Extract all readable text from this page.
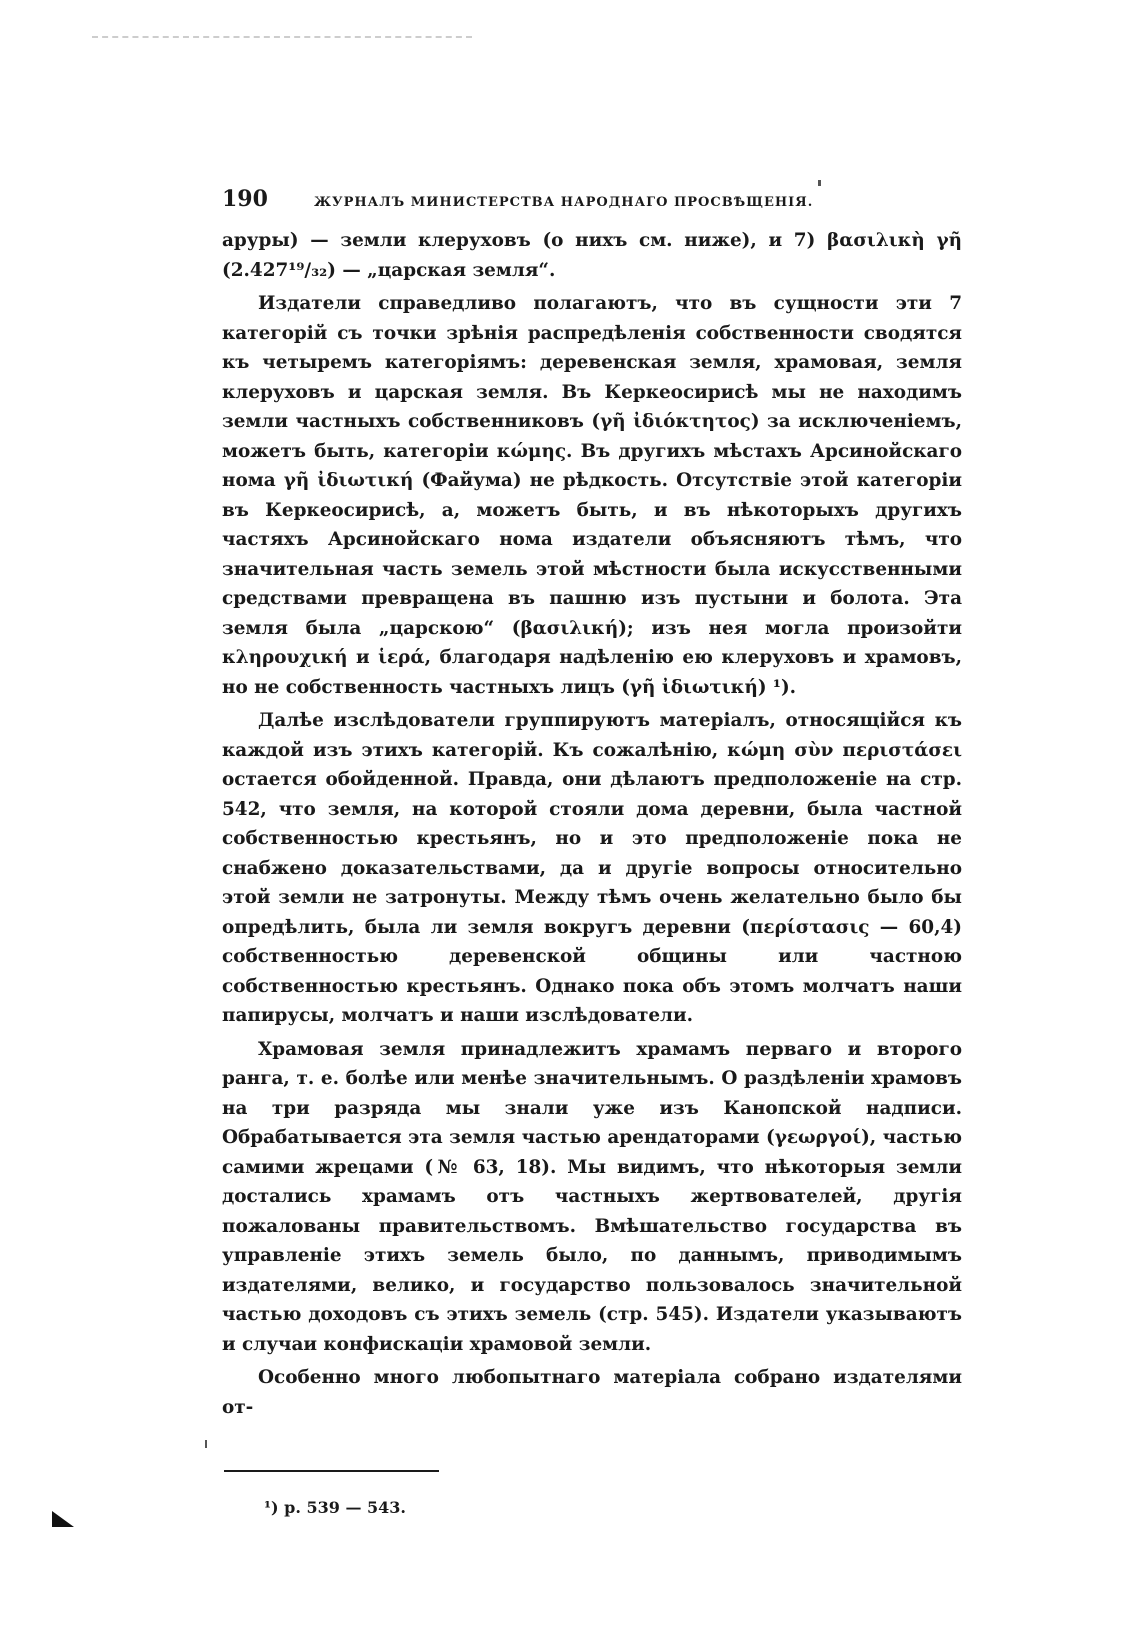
190	ЖУРНАЛЪ МИНИСТЕРСТВА НАРОДНАГО ПРОСВѢЩЕНІЯ.

аруры) — земли клеруховъ (о нихъ см. ниже), и 7) βασιλικὴ γῆ (2.427¹⁹/₃₂) — „царская земля“.

Издатели справедливо полагаютъ, что въ сущности эти 7 категорій съ точки зрѣнія распредѣленія собственности сводятся къ четыремъ категоріямъ: деревенская земля, храмовая, земля клеруховъ и царская земля. Въ Керкеосирисѣ мы не находимъ земли частныхъ собственниковъ (γῆ ἰδιόκτητος) за исключеніемъ, можетъ быть, категоріи κώμης. Въ другихъ мѣстахъ Арсинойскаго нома γῆ ἰδιωτική (Файума) не рѣдкость. Отсутствіе этой категоріи въ Керкеосирисѣ, а, можетъ быть, и въ нѣкоторыхъ другихъ частяхъ Арсинойскаго нома издатели объясняютъ тѣмъ, что значительная часть земель этой мѣстности была искусственными средствами превращена въ пашню изъ пустыни и болота. Эта земля была „царскою“ (βασιλική); изъ нея могла произойти κληρουχική и ἱερά, благодаря надѣленію ею клеруховъ и храмовъ, но не собственность частныхъ лицъ (γῆ ἰδιωτική) ¹).

Далѣе изслѣдователи группируютъ матеріалъ, относящійся къ каждой изъ этихъ категорій. Къ сожалѣнію, κώμη σὺν περιστάσει остается обойденной. Правда, они дѣлаютъ предположеніе на стр. 542, что земля, на которой стояли дома деревни, была частной собственностью крестьянъ, но и это предположеніе пока не снабжено доказательствами, да и другіе вопросы относительно этой земли не затронуты. Между тѣмъ очень желательно было бы опредѣлить, была ли земля вокругъ деревни (περίστασις — 60,4) собственностью деревенской общины или частною собственностью крестьянъ. Однако пока объ этомъ молчатъ наши папирусы, молчатъ и наши изслѣдователи.

Храмовая земля принадлежитъ храмамъ перваго и второго ранга, т. е. болѣе или менѣе значительнымъ. О раздѣленіи храмовъ на три разряда мы знали уже изъ Канопской надписи. Обрабатывается эта земля частью арендаторами (γεωργοί), частью самими жрецами (№ 63, 18). Мы видимъ, что нѣкоторыя земли достались храмамъ отъ частныхъ жертвователей, другія пожалованы правительствомъ. Вмѣшательство государства въ управленіе этихъ земель было, по даннымъ, приводимымъ издателями, велико, и государство пользовалось значительной частью доходовъ съ этихъ земель (стр. 545). Издатели указываютъ и случаи конфискаціи храмовой земли.

Особенно много любопытнаго матеріала собрано издателями от-

¹) p. 539 — 543.
